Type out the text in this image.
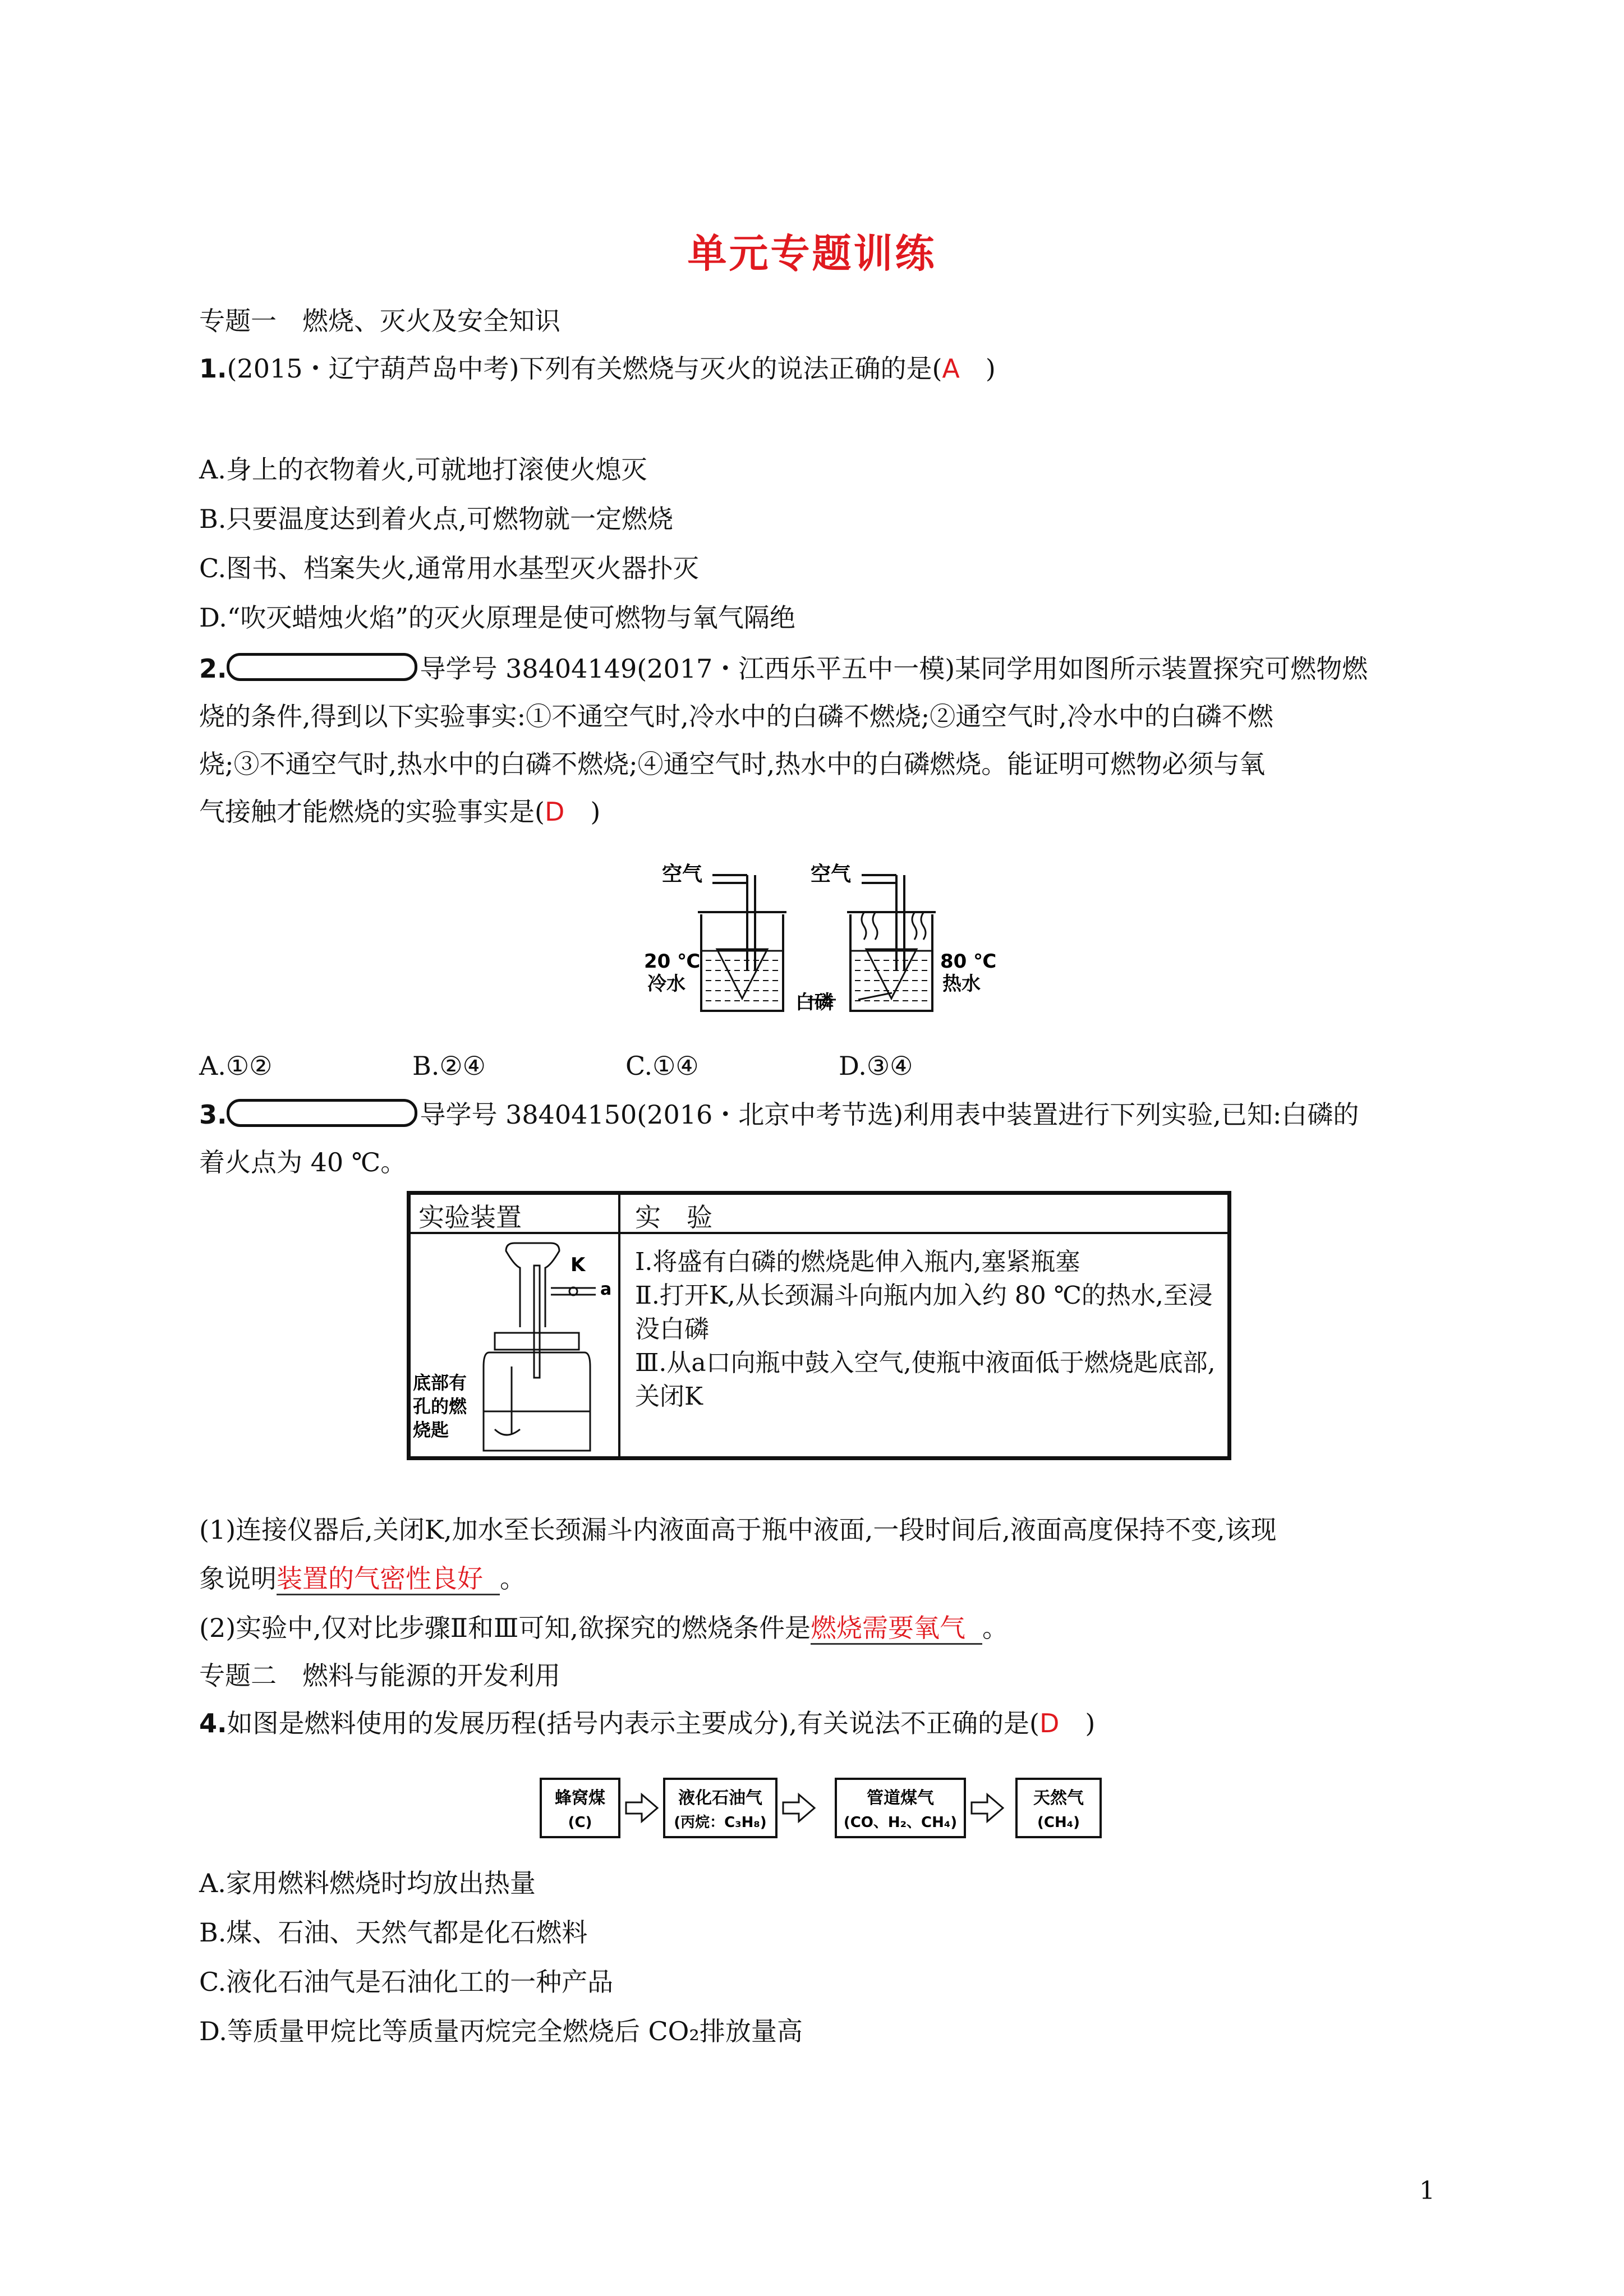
单元专题训练
专题一　燃烧、灭火及安全知识
1.(2015・辽宁葫芦岛中考)下列有关燃烧与灭火的说法正确的是(A　)
A.身上的衣物着火,可就地打滚使火熄灭
B.只要温度达到着火点,可燃物就一定燃烧
C.图书、档案失火,通常用水基型灭火器扑灭
D.“吹灭蜡烛火焰”的灭火原理是使可燃物与氧气隔绝
2.	导学号 38404149(2017・江西乐平五中一模)某同学用如图所示装置探究可燃物燃
烧的条件,得到以下实验事实:①不通空气时,冷水中的白磷不燃烧;②通空气时,冷水中的白磷不燃
烧;③不通空气时,热水中的白磷不燃烧;④通空气时,热水中的白磷燃烧。能证明可燃物必须与氧
气接触才能燃烧的实验事实是(D　)
空气	空气
20 ℃
冷水
80 ℃
热水
白磷
A.①②	B.②④	C.①④	D.③④
3.	导学号 38404150(2016・北京中考节选)利用表中装置进行下列实验,已知:白磷的
着火点为 40 ℃。
实验装置	实　验
K
a
底部有
孔的燃
烧匙
Ⅰ.将盛有白磷的燃烧匙伸入瓶内,塞紧瓶塞
Ⅱ.打开K,从长颈漏斗向瓶内加入约 80 ℃的热水,至浸没白磷
Ⅲ.从a口向瓶中鼓入空气,使瓶中液面低于燃烧匙底部,关闭K
(1)连接仪器后,关闭K,加水至长颈漏斗内液面高于瓶中液面,一段时间后,液面高度保持不变,该现
象说明装置的气密性良好 。
(2)实验中,仅对比步骤Ⅱ和Ⅲ可知,欲探究的燃烧条件是燃烧需要氧气 。
专题二　燃料与能源的开发利用
4.如图是燃料使用的发展历程(括号内表示主要成分),有关说法不正确的是(D　)
蜂窝煤
(C)
液化石油气
(丙烷：C₃H₈)
管道煤气
(CO、H₂、CH₄)
天然气
(CH₄)
A.家用燃料燃烧时均放出热量
B.煤、石油、天然气都是化石燃料
C.液化石油气是石油化工的一种产品
D.等质量甲烷比等质量丙烷完全燃烧后 CO₂排放量高
1
